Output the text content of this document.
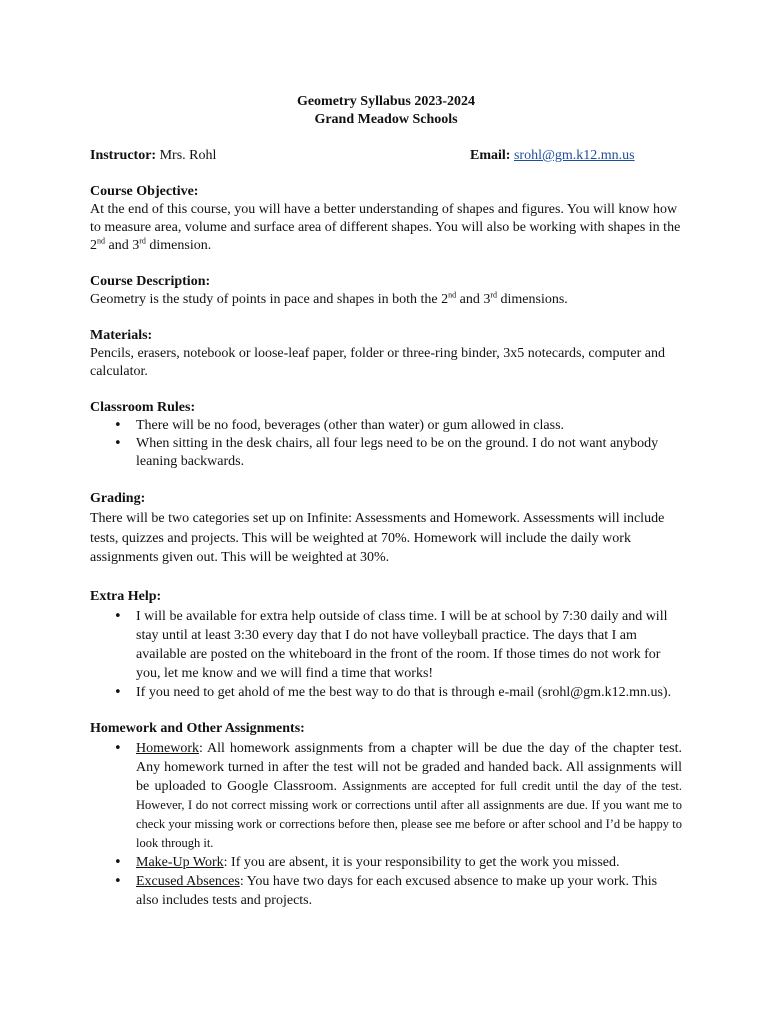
Geometry Syllabus 2023-2024
Grand Meadow Schools
Instructor: Mrs. Rohl	Email: srohl@gm.k12.mn.us
Course Objective:

At the end of this course, you will have a better understanding of shapes and figures. You will know how to measure area, volume and surface area of different shapes. You will also be working with shapes in the 2nd and 3rd dimension.

Course Description:

Geometry is the study of points in pace and shapes in both the 2nd and 3rd dimensions.

Materials:

Pencils, erasers, notebook or loose-leaf paper, folder or three-ring binder, 3x5 notecards, computer and calculator.

Classroom Rules:
• There will be no food, beverages (other than water) or gum allowed in class.
• When sitting in the desk chairs, all four legs need to be on the ground. I do not want anybody leaning backwards.
Grading:

There will be two categories set up on Infinite: Assessments and Homework. Assessments will include tests, quizzes and projects. This will be weighted at 70%. Homework will include the daily work assignments given out. This will be weighted at 30%.

Extra Help:
• I will be available for extra help outside of class time. I will be at school by 7:30 daily and will stay until at least 3:30 every day that I do not have volleyball practice. The days that I am available are posted on the whiteboard in the front of the room. If those times do not work for you, let me know and we will find a time that works!
• If you need to get ahold of me the best way to do that is through e-mail (srohl@gm.k12.mn.us).
Homework and Other Assignments:
• Homework: All homework assignments from a chapter will be due the day of the chapter test. Any homework turned in after the test will not be graded and handed back. All assignments will be uploaded to Google Classroom. Assignments are accepted for full credit until the day of the test. However, I do not correct missing work or corrections until after all assignments are due. If you want me to check your missing work or corrections before then, please see me before or after school and I’d be happy to look through it.
• Make-Up Work: If you are absent, it is your responsibility to get the work you missed.
• Excused Absences: You have two days for each excused absence to make up your work. This also includes tests and projects.
